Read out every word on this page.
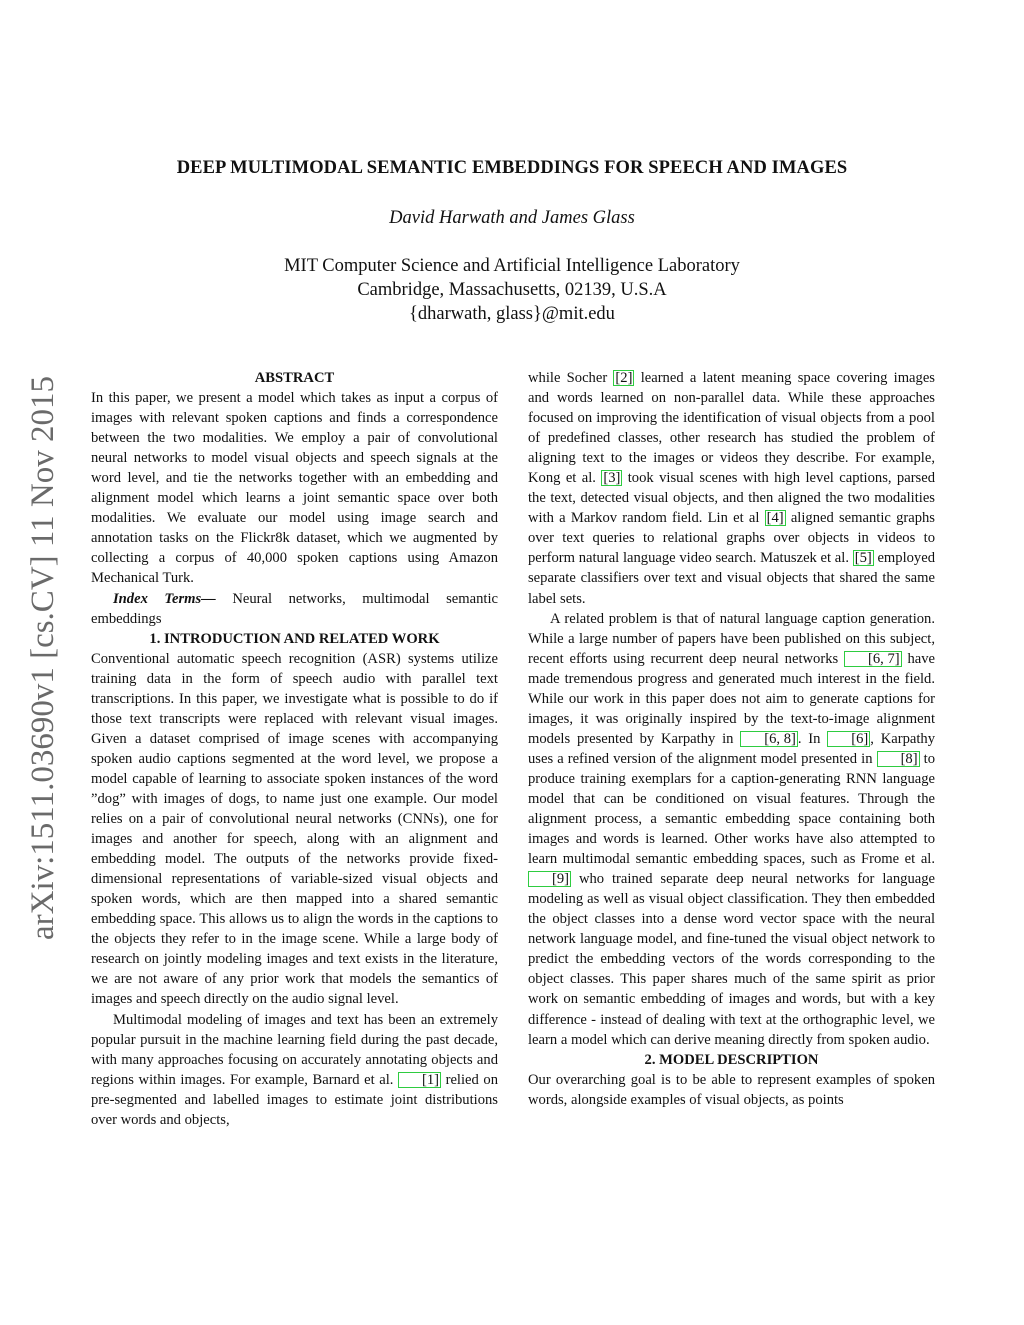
arXiv:1511.03690v1 [cs.CV] 11 Nov 2015
DEEP MULTIMODAL SEMANTIC EMBEDDINGS FOR SPEECH AND IMAGES
David Harwath and James Glass
MIT Computer Science and Artificial Intelligence Laboratory
Cambridge, Massachusetts, 02139, U.S.A
{dharwath, glass}@mit.edu

ABSTRACT

In this paper, we present a model which takes as input a corpus of images with relevant spoken captions and finds a correspondence between the two modalities. We employ a pair of convolutional neural networks to model visual objects and speech signals at the word level, and tie the networks together with an embedding and alignment model which learns a joint semantic space over both modalities. We evaluate our model using image search and annotation tasks on the Flickr8k dataset, which we augmented by collecting a corpus of 40,000 spoken captions using Amazon Mechanical Turk.

Index Terms— Neural networks, multimodal semantic embeddings

1. INTRODUCTION AND RELATED WORK

Conventional automatic speech recognition (ASR) systems utilize training data in the form of speech audio with parallel text transcriptions. In this paper, we investigate what is possible to do if those text transcripts were replaced with relevant visual images. Given a dataset comprised of image scenes with accompanying spoken audio captions segmented at the word level, we propose a model capable of learning to associate spoken instances of the word ”dog” with images of dogs, to name just one example. Our model relies on a pair of convolutional neural networks (CNNs), one for images and another for speech, along with an alignment and embedding model. The outputs of the networks provide fixed-dimensional representations of variable-sized visual objects and spoken words, which are then mapped into a shared semantic embedding space. This allows us to align the words in the captions to the objects they refer to in the image scene. While a large body of research on jointly modeling images and text exists in the literature, we are not aware of any prior work that models the semantics of images and speech directly on the audio signal level.

Multimodal modeling of images and text has been an extremely popular pursuit in the machine learning field during the past decade, with many approaches focusing on accurately annotating objects and regions within images. For example, Barnard et al. [1] relied on pre-segmented and labelled images to estimate joint distributions over words and objects,

while Socher [2] learned a latent meaning space covering images and words learned on non-parallel data. While these approaches focused on improving the identification of visual objects from a pool of predefined classes, other research has studied the problem of aligning text to the images or videos they describe. For example, Kong et al. [3] took visual scenes with high level captions, parsed the text, detected visual objects, and then aligned the two modalities with a Markov random field. Lin et al [4] aligned semantic graphs over text queries to relational graphs over objects in videos to perform natural language video search. Matuszek et al. [5] employed separate classifiers over text and visual objects that shared the same label sets.

A related problem is that of natural language caption generation. While a large number of papers have been published on this subject, recent efforts using recurrent deep neural networks [6, 7] have made tremendous progress and generated much interest in the field. While our work in this paper does not aim to generate captions for images, it was originally inspired by the text-to-image alignment models presented by Karpathy in [6, 8] . In [6] , Karpathy uses a refined version of the alignment model presented in [8] to produce training exemplars for a caption-generating RNN language model that can be conditioned on visual features. Through the alignment process, a semantic embedding space containing both images and words is learned. Other works have also attempted to learn multimodal semantic embedding spaces, such as Frome et al. [9] who trained separate deep neural networks for language modeling as well as visual object classification. They then embedded the object classes into a dense word vector space with the neural network language model, and fine-tuned the visual object network to predict the embedding vectors of the words corresponding to the object classes. This paper shares much of the same spirit as prior work on semantic embedding of images and words, but with a key difference - instead of dealing with text at the orthographic level, we learn a model which can derive meaning directly from spoken audio.

2. MODEL DESCRIPTION

Our overarching goal is to be able to represent examples of spoken words, alongside examples of visual objects, as points
